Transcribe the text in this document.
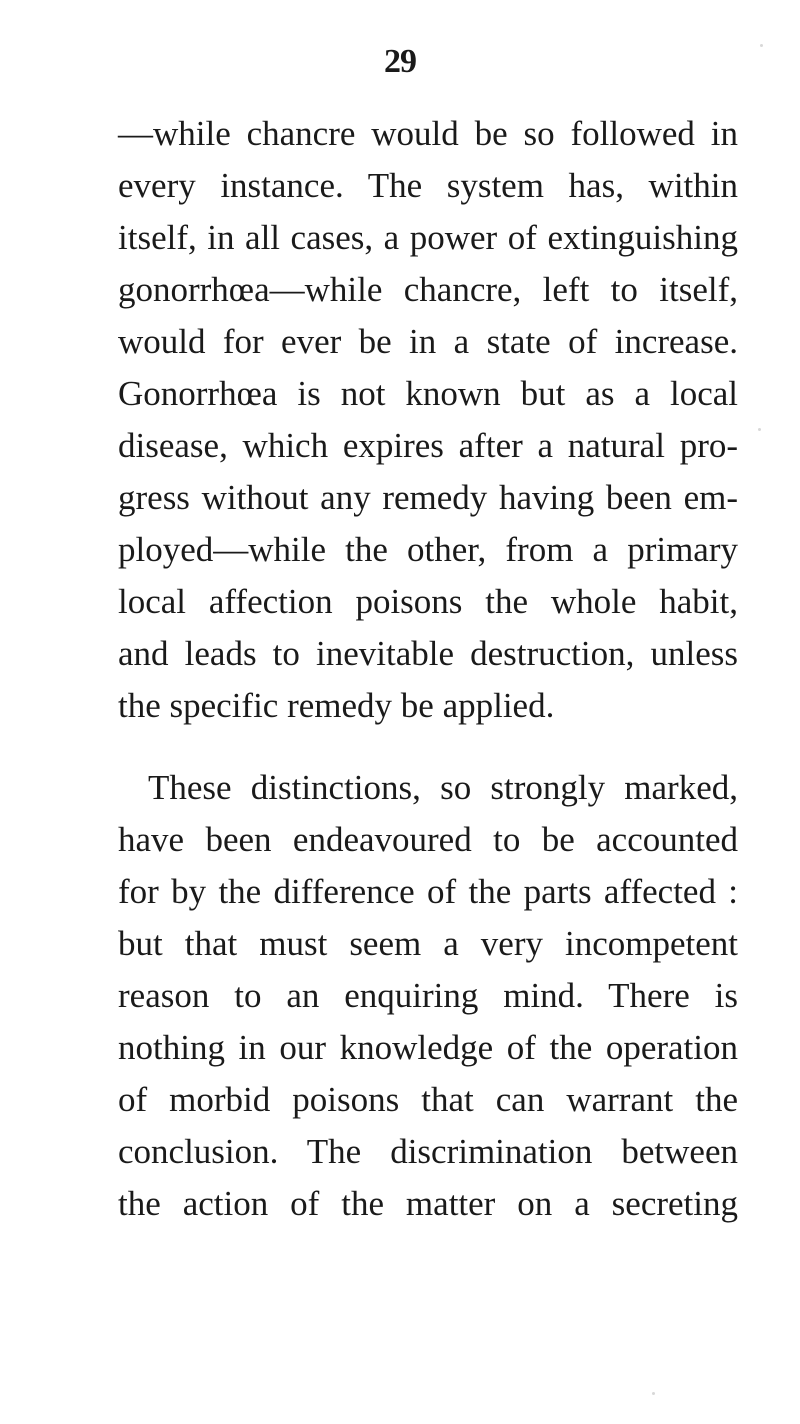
29
—while chancre would be so followed in
every instance. The system has, within
itself, in all cases, a power of extinguishing
gonorrhœa—while chancre, left to itself,
would for ever be in a state of increase.
Gonorrhœa is not known but as a local
disease, which expires after a natural pro-
gress without any remedy having been em-
ployed—while the other, from a primary
local affection poisons the whole habit,
and leads to inevitable destruction, unless
the specific remedy be applied.
These distinctions, so strongly marked,
have been endeavoured to be accounted
for by the difference of the parts affected :
but that must seem a very incompetent
reason to an enquiring mind. There is
nothing in our knowledge of the operation
of morbid poisons that can warrant the
conclusion. The discrimination between
the action of the matter on a secreting
